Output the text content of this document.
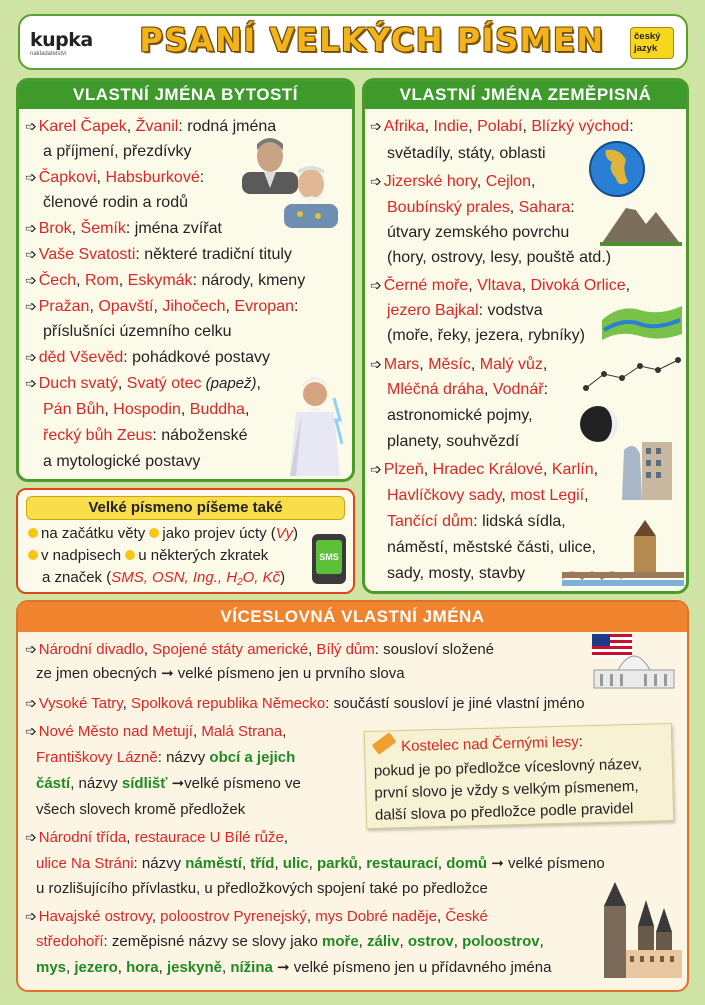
kupka
nakladatelství	PSANÍ VELKÝCH PÍSMEN	český
jazyk
VLASTNÍ JMÉNA BYTOSTÍ
➩ Karel Čapek, Žvanil: rodná jména
a příjmení, přezdívky
➩ Čapkovi, Habsburkové:
členové rodin a rodů
➩ Brok, Šemík: jména zvířat
➩ Vaše Svatosti: některé tradiční tituly
➩ Čech, Rom, Eskymák: národy, kmeny
➩ Pražan, Opavští, Jihočech, Evropan:
příslušníci územního celku
➩ děd Vševěd: pohádkové postavy
➩ Duch svatý, Svatý otec (papež),
Pán Bůh, Hospodin, Buddha,
řecký bůh Zeus: náboženské
a mytologické postavy
VLASTNÍ JMÉNA ZEMĚPISNÁ
➩ Afrika, Indie, Polabí, Blízký východ:
světadíly, státy, oblasti
➩ Jizerské hory, Cejlon,
Boubínský prales, Sahara:
útvary zemského povrchu
(hory, ostrovy, lesy, pouště atd.)
➩ Černé moře, Vltava, Divoká Orlice,
jezero Bajkal: vodstva
(moře, řeky, jezera, rybníky)
➩ Mars, Měsíc, Malý vůz,
Mléčná dráha, Vodnář:
astronomické pojmy,
planety, souhvězdí
➩ Plzeň, Hradec Králové, Karlín,
Havlíčkovy sady, most Legií,
Tančící dům: lidská sídla,
náměstí, městské části, ulice,
sady, mosty, stavby
Velké písmeno píšeme také
na začátku věty jako projev úcty (Vy)
v nadpisech u některých zkratek
a značek (SMS, OSN, Ing., $H_2O$, Kč)
SMS
VÍCESLOVNÁ VLASTNÍ JMÉNA
➩ Národní divadlo, Spojené státy americké, Bílý dům: sousloví složené
ze jmen obecných ➞ velké písmeno jen u prvního slova
➩ Vysoké Tatry, Spolková republika Německo: součástí sousloví je jiné vlastní jméno
➩ Nové Město nad Metují, Malá Strana,
Františkovy Lázně: názvy obcí a jejich
částí, názvy sídlišť ➞velké písmeno ve
všech slovech kromě předložek
➩ Národní třída, restaurace U Bílé růže,
ulice Na Stráni: názvy náměstí, tříd, ulic, parků, restaurací, domů ➞ velké písmeno
u rozlišujícího přívlastku, u předložkových spojení také po předložce
➩ Havajské ostrovy, poloostrov Pyrenejský, mys Dobré naděje, České
středohoří: zeměpisné názvy se slovy jako moře, záliv, ostrov, poloostrov,
mys, jezero, hora, jeskyně, nížina ➞ velké písmeno jen u přídavného jména
Kostelec nad Černými lesy:
pokud je po předložce víceslovný název,
první slovo je vždy s velkým písmenem,
další slova po předložce podle pravidel
